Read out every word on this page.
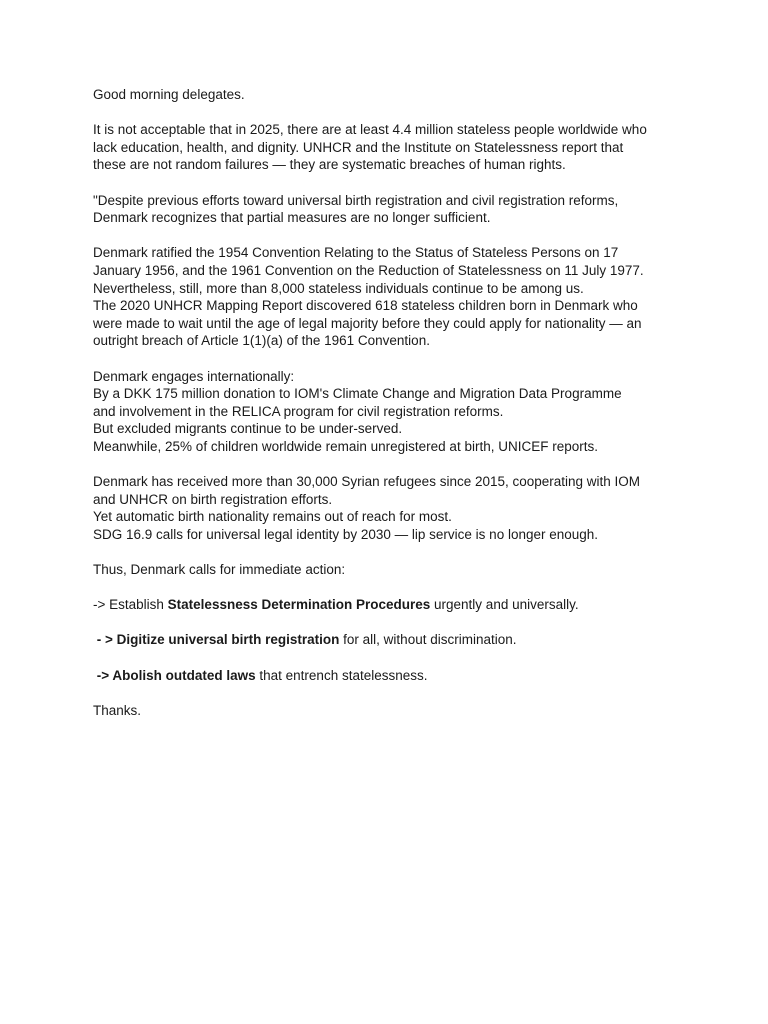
Good morning delegates.

It is not acceptable that in 2025, there are at least 4.4 million stateless people worldwide who
lack education, health, and dignity. UNHCR and the Institute on Statelessness report that
these are not random failures — they are systematic breaches of human rights.

"Despite previous efforts toward universal birth registration and civil registration reforms,
Denmark recognizes that partial measures are no longer sufficient.

Denmark ratified the 1954 Convention Relating to the Status of Stateless Persons on 17
January 1956, and the 1961 Convention on the Reduction of Statelessness on 11 July 1977.
Nevertheless, still, more than 8,000 stateless individuals continue to be among us.
The 2020 UNHCR Mapping Report discovered 618 stateless children born in Denmark who
were made to wait until the age of legal majority before they could apply for nationality — an
outright breach of Article 1(1)(a) of the 1961 Convention.

Denmark engages internationally:
By a DKK 175 million donation to IOM's Climate Change and Migration Data Programme
and involvement in the RELICA program for civil registration reforms.
But excluded migrants continue to be under-served.
Meanwhile, 25% of children worldwide remain unregistered at birth, UNICEF reports.

Denmark has received more than 30,000 Syrian refugees since 2015, cooperating with IOM
and UNHCR on birth registration efforts.
Yet automatic birth nationality remains out of reach for most.
SDG 16.9 calls for universal legal identity by 2030 — lip service is no longer enough.

Thus, Denmark calls for immediate action:

-> Establish Statelessness Determination Procedures urgently and universally.

- > Digitize universal birth registration for all, without discrimination.

-> Abolish outdated laws that entrench statelessness.

Thanks.
